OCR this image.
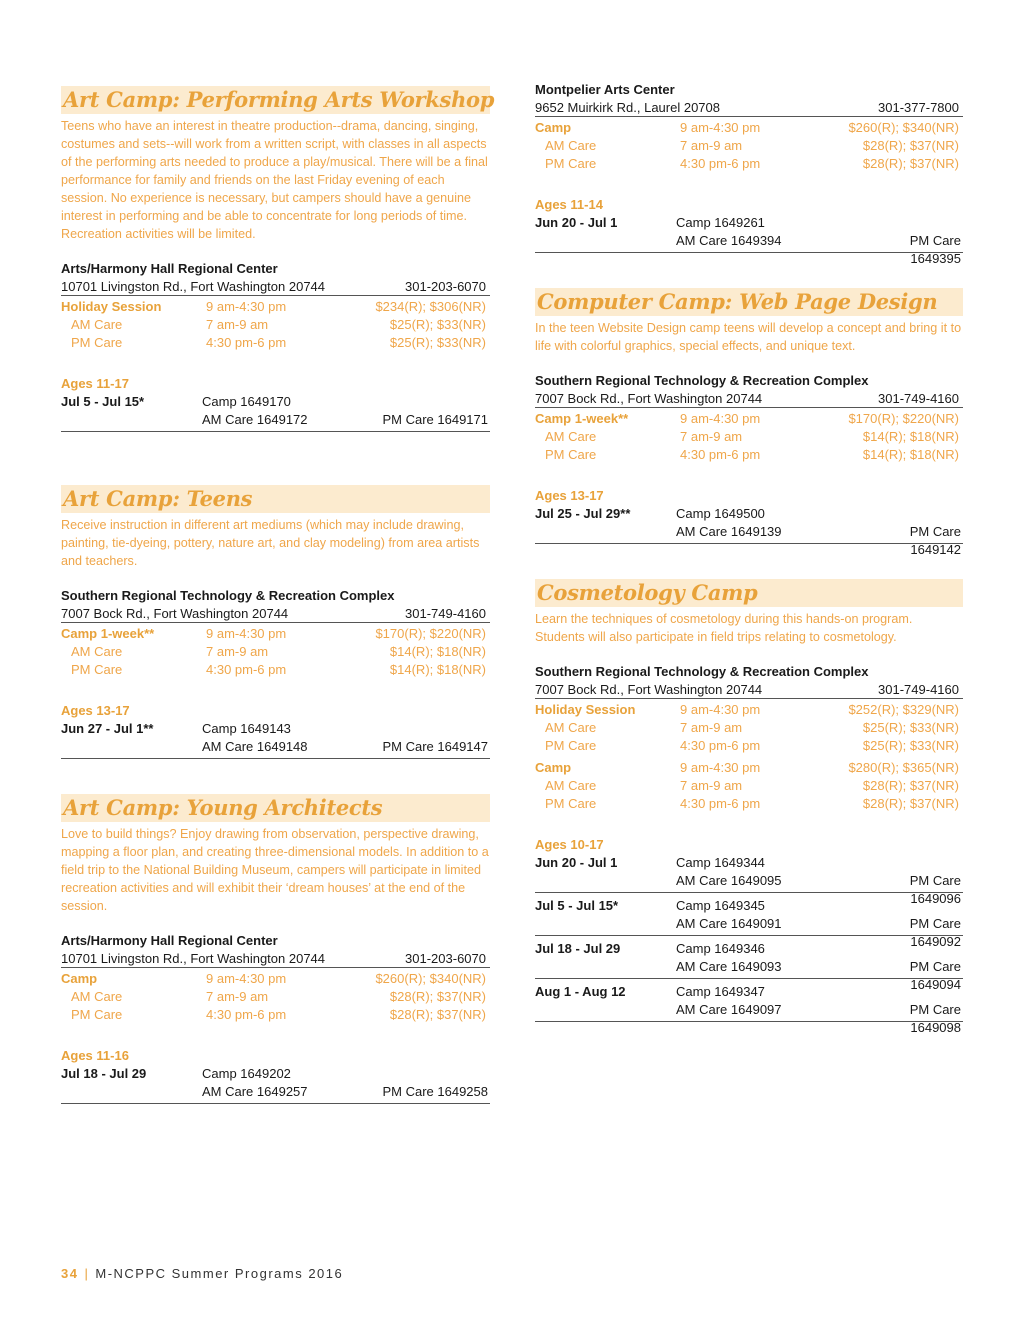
Art Camp: Performing Arts Workshop
Teens who have an interest in theatre production--drama, dancing, singing, costumes and sets--will work from a written script, with classes in all aspects of the performing arts needed to produce a play/musical. There will be a final performance for family and friends on the last Friday evening of each session. No experience is necessary, but campers should have a genuine interest in performing and be able to concentrate for long periods of time. Recreation activities will be limited.
Arts/Harmony Hall Regional Center
10701 Livingston Rd., Fort Washington 20744	301-203-6070
Holiday Session	9 am-4:30 pm	$234(R); $306(NR)
AM Care	7 am-9 am	$25(R); $33(NR)
PM Care	4:30 pm-6 pm	$25(R); $33(NR)
Ages 11-17
Jul 5 - Jul 15*	Camp 1649170
AM Care 1649172	PM Care 1649171
Art Camp: Teens
Receive instruction in different art mediums (which may include drawing, painting, tie-dyeing, pottery, nature art, and clay modeling) from area artists and teachers.
Southern Regional Technology & Recreation Complex
7007 Bock Rd., Fort Washington 20744	301-749-4160
Camp 1-week**	9 am-4:30 pm	$170(R); $220(NR)
AM Care	7 am-9 am	$14(R); $18(NR)
PM Care	4:30 pm-6 pm	$14(R); $18(NR)
Ages 13-17
Jun 27 - Jul 1**	Camp 1649143
AM Care 1649148	PM Care 1649147
Art Camp: Young Architects
Love to build things? Enjoy drawing from observation, perspective drawing, mapping a floor plan, and creating three-dimensional models. In addition to a field trip to the National Building Museum, campers will participate in limited recreation activities and will exhibit their ‘dream houses’ at the end of the session.
Arts/Harmony Hall Regional Center
10701 Livingston Rd., Fort Washington 20744	301-203-6070
Camp	9 am-4:30 pm	$260(R); $340(NR)
AM Care	7 am-9 am	$28(R); $37(NR)
PM Care	4:30 pm-6 pm	$28(R); $37(NR)
Ages 11-16
Jul 18 - Jul 29	Camp 1649202
AM Care 1649257	PM Care 1649258
Montpelier Arts Center
9652 Muirkirk Rd., Laurel 20708	301-377-7800
Camp	9 am-4:30 pm	$260(R); $340(NR)
AM Care	7 am-9 am	$28(R); $37(NR)
PM Care	4:30 pm-6 pm	$28(R); $37(NR)
Ages 11-14
Jun 20 - Jul 1	Camp 1649261
AM Care 1649394	PM Care 1649395
Computer Camp: Web Page Design
In the teen Website Design camp teens will develop a concept and bring it to life with colorful graphics, special effects, and unique text.
Southern Regional Technology & Recreation Complex
7007 Bock Rd., Fort Washington 20744	301-749-4160
Camp 1-week**	9 am-4:30 pm	$170(R); $220(NR)
AM Care	7 am-9 am	$14(R); $18(NR)
PM Care	4:30 pm-6 pm	$14(R); $18(NR)
Ages 13-17
Jul 25 - Jul 29**	Camp 1649500
AM Care 1649139	PM Care 1649142
Cosmetology Camp
Learn the techniques of cosmetology during this hands-on program. Students will also participate in field trips relating to cosmetology.
Southern Regional Technology & Recreation Complex
7007 Bock Rd., Fort Washington 20744	301-749-4160
Holiday Session	9 am-4:30 pm	$252(R); $329(NR)
AM Care	7 am-9 am	$25(R); $33(NR)
PM Care	4:30 pm-6 pm	$25(R); $33(NR)
Camp	9 am-4:30 pm	$280(R); $365(NR)
AM Care	7 am-9 am	$28(R); $37(NR)
PM Care	4:30 pm-6 pm	$28(R); $37(NR)
Ages 10-17
Jun 20 - Jul 1	Camp 1649344
AM Care 1649095	PM Care 1649096
Jul 5 - Jul 15*	Camp 1649345
AM Care 1649091	PM Care 1649092
Jul 18 - Jul 29	Camp 1649346
AM Care 1649093	PM Care 1649094
Aug 1 - Aug 12	Camp 1649347
AM Care 1649097	PM Care 1649098
34 | M-NCPPC Summer Programs 2016
